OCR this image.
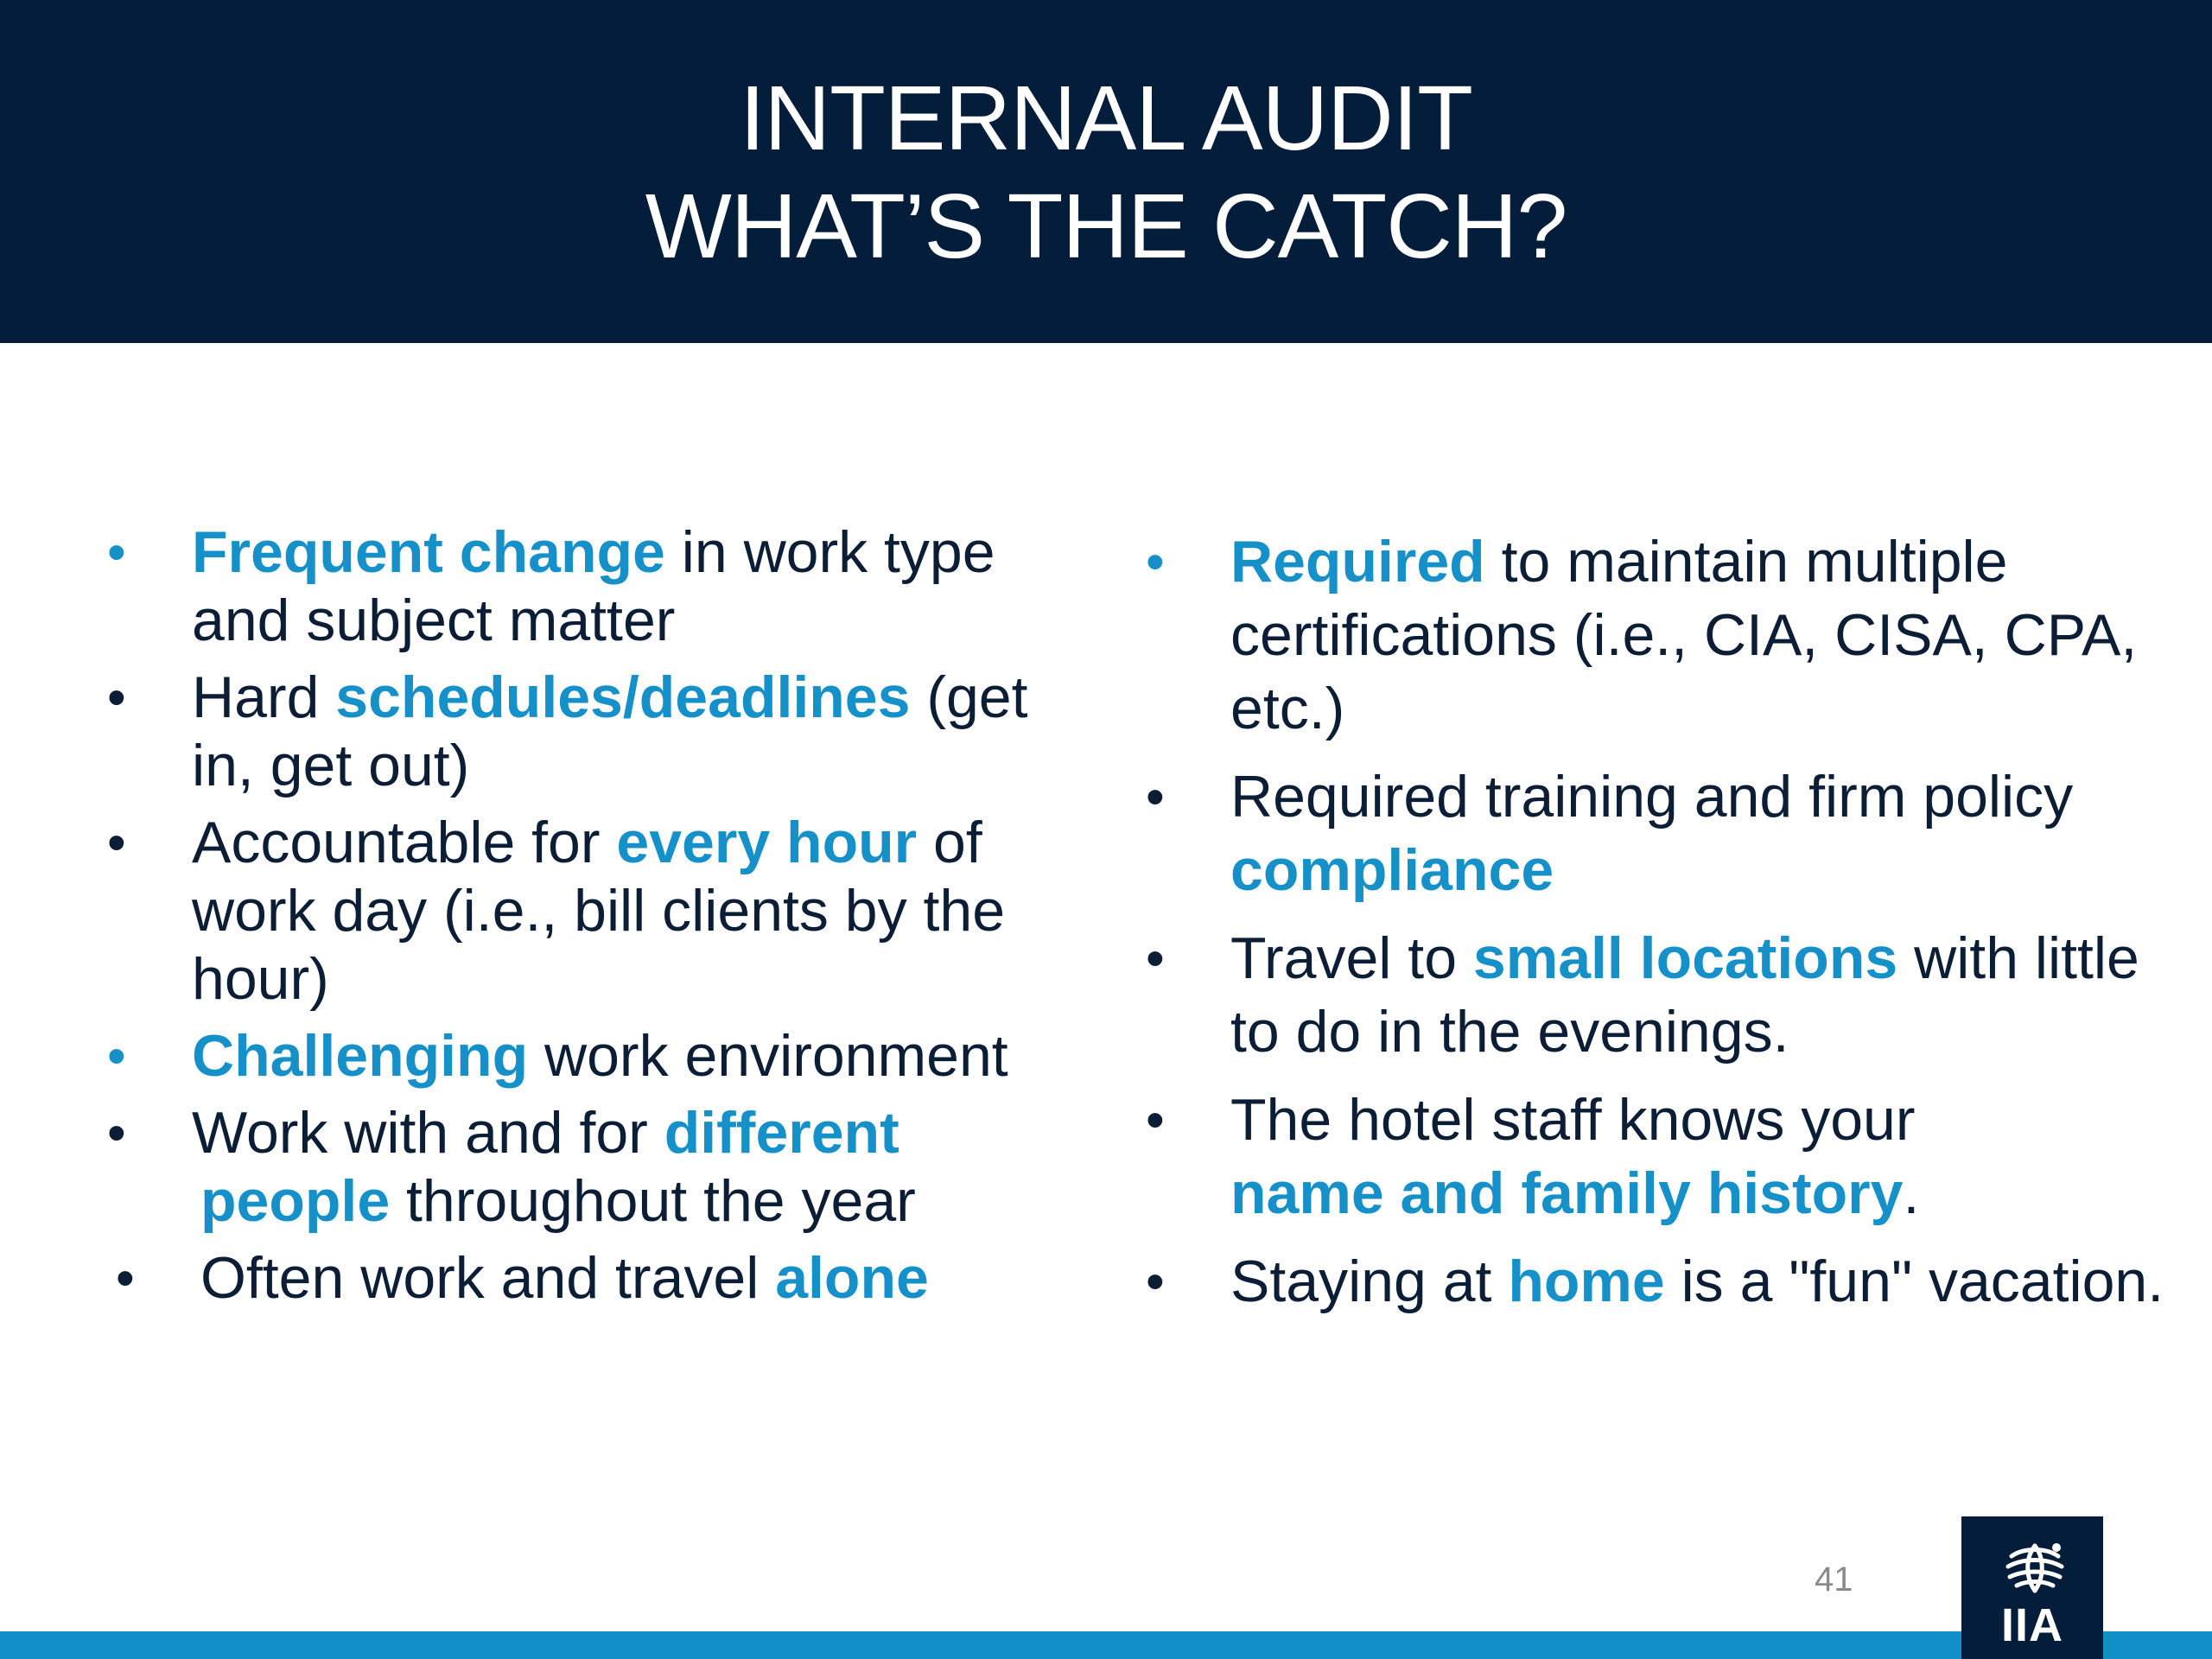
INTERNAL AUDIT
WHAT’S THE CATCH?
• Frequent change in work type and subject matter
• Hard schedules/deadlines (get in, get out)
• Accountable for every hour of work day (i.e., bill clients by the hour)
• Challenging work environment
• Work with and for different
people throughout the year
• Often work and travel alone
• Required to maintain multiple certifications (i.e., CIA, CISA, CPA, etc.)
• Required training and firm policy compliance
• Travel to small locations with little to do in the evenings.
• The hotel staff knows your
name and family history.
• Staying at home is a "fun" vacation.
41
IIA
